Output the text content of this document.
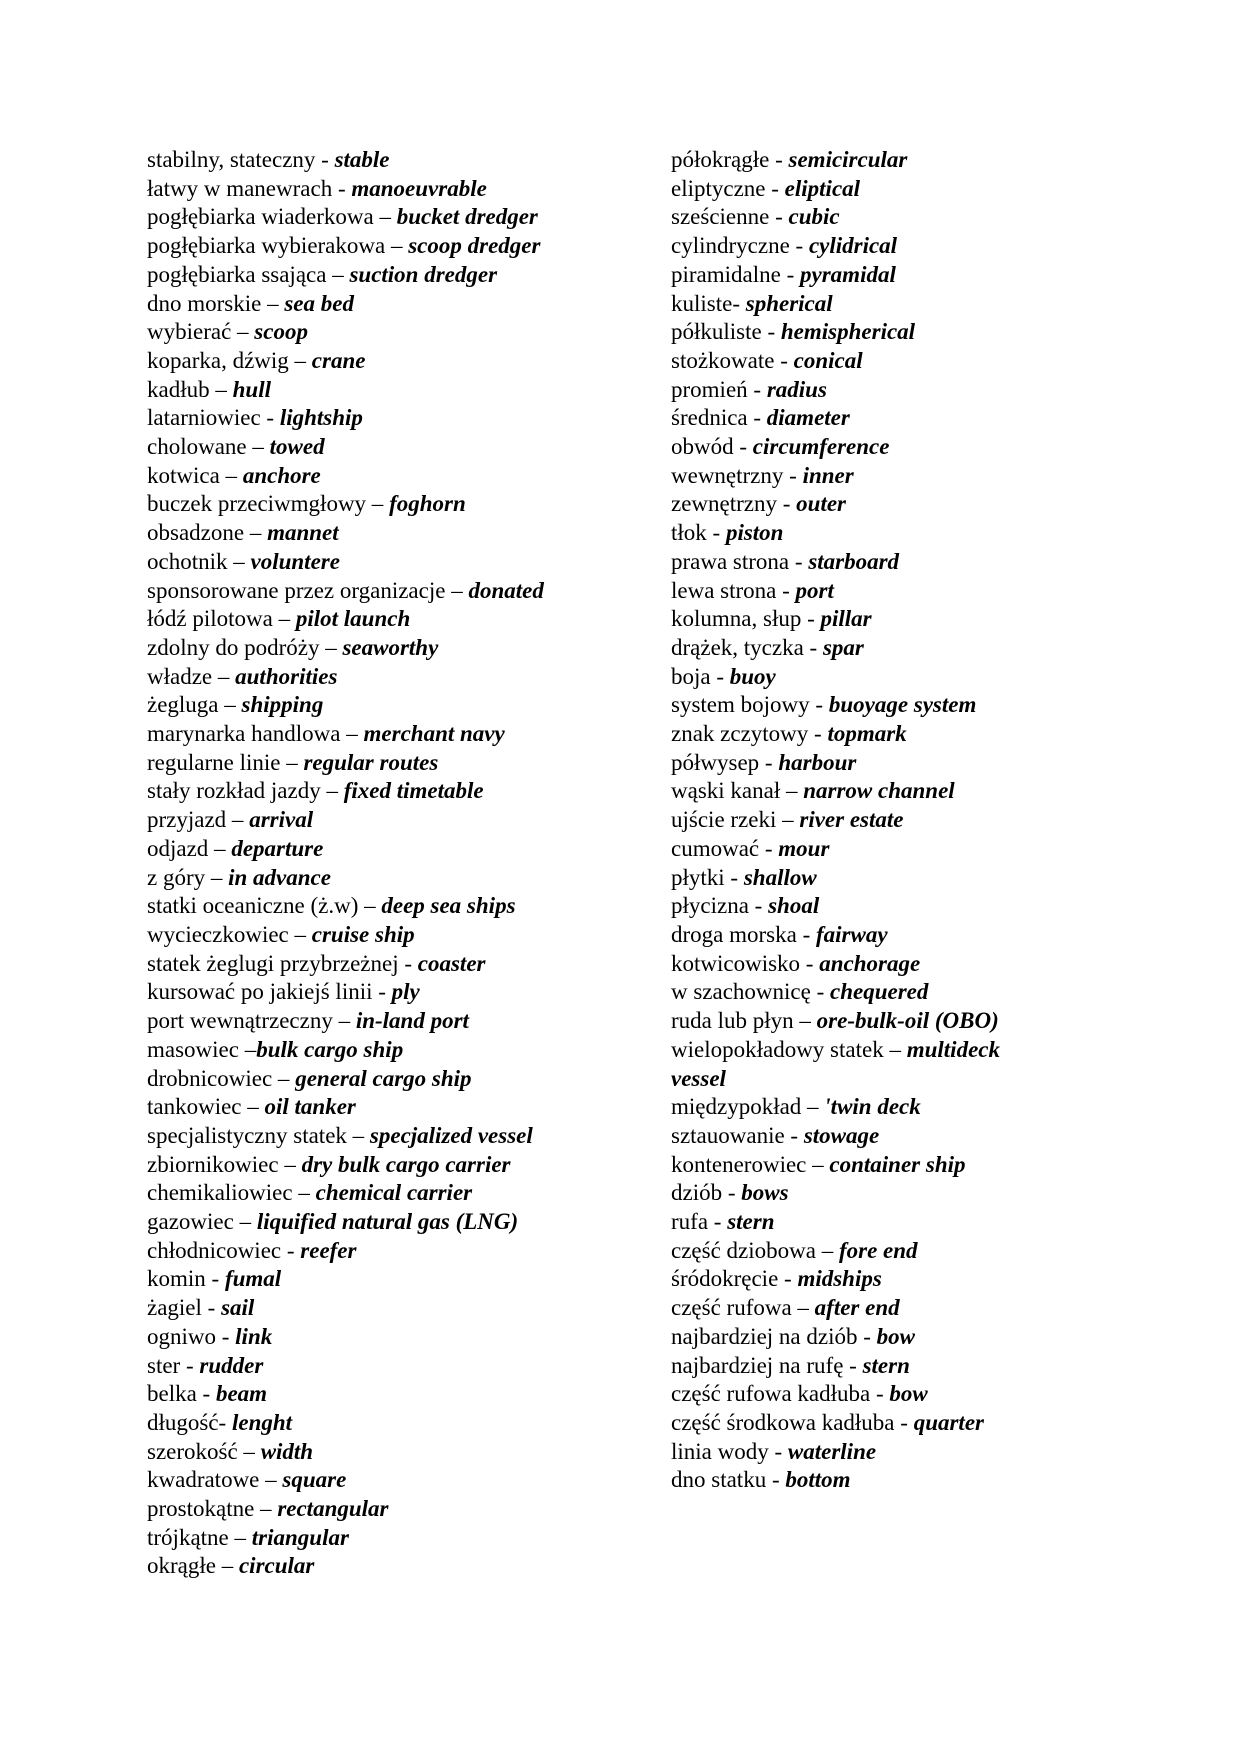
stabilny, stateczny - stable
łatwy w manewrach - manoeuvrable
pogłębiarka wiaderkowa – bucket dredger
pogłębiarka wybierakowa – scoop dredger
pogłębiarka ssająca – suction dredger
dno morskie – sea bed
wybierać – scoop
koparka, dźwig – crane
kadłub – hull
latarniowiec - lightship
cholowane – towed
kotwica – anchore
buczek przeciwmgłowy – foghorn
obsadzone – mannet
ochotnik – voluntere
sponsorowane przez organizacje – donated
łódź pilotowa – pilot launch
zdolny do podróży – seaworthy
władze – authorities
żegluga – shipping
marynarka handlowa – merchant navy
regularne linie – regular routes
stały rozkład jazdy – fixed timetable
przyjazd – arrival
odjazd – departure
z góry – in advance
statki oceaniczne (ż.w) – deep sea ships
wycieczkowiec – cruise ship
statek żeglugi przybrzeżnej - coaster
kursować po jakiejś linii - ply
port wewnątrzeczny – in-land port
masowiec –bulk cargo ship
drobnicowiec – general cargo ship
tankowiec – oil tanker
specjalistyczny statek – specjalized vessel
zbiornikowiec – dry bulk cargo carrier
chemikaliowiec – chemical carrier
gazowiec – liquified natural gas (LNG)
chłodnicowiec - reefer
komin - fumal
żagiel - sail
ogniwo - link
ster - rudder
belka - beam
długość- lenght
szerokość – width
kwadratowe – square
prostokątne – rectangular
trójkątne – triangular
okrągłe – circular
półokrągłe - semicircular
eliptyczne - eliptical
sześcienne - cubic
cylindryczne - cylidrical
piramidalne - pyramidal
kuliste- spherical
półkuliste - hemispherical
stożkowate - conical
promień - radius
średnica - diameter
obwód - circumference
wewnętrzny - inner
zewnętrzny - outer
tłok - piston
prawa strona - starboard
lewa strona - port
kolumna, słup - pillar
drążek, tyczka - spar
boja - buoy
system bojowy - buoyage system
znak zczytowy - topmark
półwysep - harbour
wąski kanał – narrow channel
ujście rzeki – river estate
cumować - mour
płytki - shallow
płycizna - shoal
droga morska - fairway
kotwicowisko - anchorage
w szachownicę - chequered
ruda lub płyn – ore-bulk-oil (OBO)
wielopokładowy statek – multideck vessel
międzypokład – 'twin deck
sztauowanie - stowage
kontenerowiec – container ship
dziób - bows
rufa - stern
część dziobowa – fore end
śródokręcie - midships
część rufowa – after end
najbardziej na dziób - bow
najbardziej na rufę - stern
część rufowa kadłuba - bow
część środkowa kadłuba - quarter
linia wody - waterline
dno statku - bottom
